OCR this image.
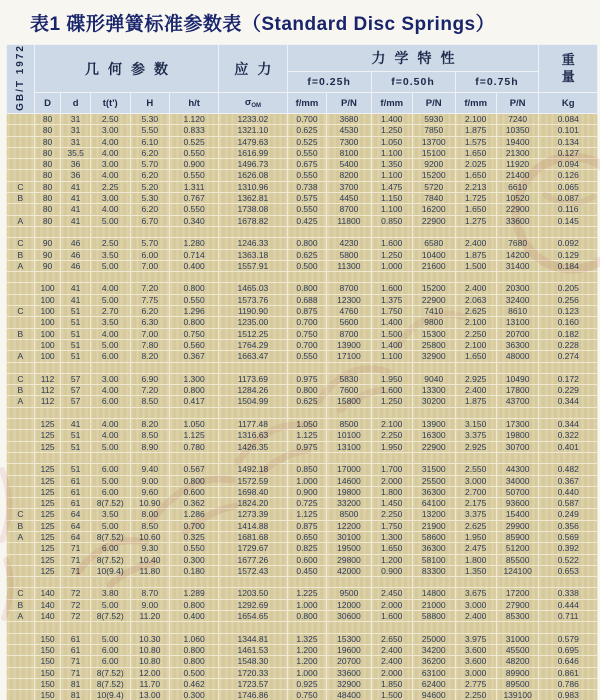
表1 碟形弹簧标准参数表（Standard Disc Springs）
GB/T 1972	几何参数					应力	力学特性						重量
							f=0.25h		f=0.50h		f=0.75h		
	D	d	t(t')	H	h/t	$\sigma_{OM}$	f/mm	P/N	f/mm	P/N	f/mm	P/N	Kg
	80	31	2.50	5.30	1.120	1233.02	0.700	3680	1.400	5930	2.100	7240	0.084
	80	31	3.00	5.50	0.833	1321.10	0.625	4530	1.250	7850	1.875	10350	0.101
	80	31	4.00	6.10	0.525	1479.63	0.525	7300	1.050	13700	1.575	19400	0.134
	80	35.5	4.00	6.20	0.550	1616.99	0.550	8100	1.100	15100	1.650	21300	0.127
	80	36	3.00	5.70	0.900	1496.73	0.675	5400	1.350	9200	2.025	11920	0.094
	80	36	4.00	6.20	0.550	1626.08	0.550	8200	1.100	15200	1.650	21400	0.126
C	80	41	2.25	5.20	1.311	1310.96	0.738	3700	1.475	5720	2.213	6610	0.065
B	80	41	3.00	5.30	0.767	1362.81	0.575	4450	1.150	7840	1.725	10520	0.087
	80	41	4.00	6.20	0.550	1738.08	0.550	8700	1.100	16200	1.650	22900	0.116
A	80	41	5.00	6.70	0.340	1678.82	0.425	11800	0.850	22900	1.275	33600	0.145

C	90	46	2.50	5.70	1.280	1246.33	0.800	4230	1.600	6580	2.400	7680	0.092
B	90	46	3.50	6.00	0.714	1363.18	0.625	5800	1.250	10400	1.875	14200	0.129
A	90	46	5.00	7.00	0.400	1557.91	0.500	11300	1.000	21600	1.500	31400	0.184

	100	41	4.00	7.20	0.800	1465.03	0.800	8700	1.600	15200	2.400	20300	0.205
	100	41	5.00	7.75	0.550	1573.76	0.688	12300	1.375	22900	2.063	32400	0.256
C	100	51	2.70	6.20	1.296	1190.90	0.875	4760	1.750	7410	2.625	8610	0.123
	100	51	3.50	6.30	0.800	1235.00	0.700	5600	1.400	9800	2.100	13100	0.160
B	100	51	4.00	7.00	0.750	1512.25	0.750	8700	1.500	15300	2.250	20700	0.182
	100	51	5.00	7.80	0.560	1764.29	0.700	13900	1.400	25800	2.100	36300	0.228
A	100	51	6.00	8.20	0.367	1663.47	0.550	17100	1.100	32900	1.650	48000	0.274

C	112	57	3.00	6.90	1.300	1173.69	0.975	5830	1.950	9040	2.925	10490	0.172
B	112	57	4.00	7.20	0.800	1284.26	0.800	7600	1.600	13300	2.400	17800	0.229
A	112	57	6.00	8.50	0.417	1504.99	0.625	15800	1.250	30200	1.875	43700	0.344

	125	41	4.00	8.20	1.050	1177.48	1.050	8500	2.100	13900	3.150	17300	0.344
	125	51	4.00	8.50	1.125	1316.63	1.125	10100	2.250	16300	3.375	19800	0.322
	125	51	5.00	8.90	0.780	1426.35	0.975	13100	1.950	22900	2.925	30700	0.401

	125	51	6.00	9.40	0.567	1492.18	0.850	17000	1.700	31500	2.550	44300	0.482
	125	61	5.00	9.00	0.800	1572.59	1.000	14600	2.000	25500	3.000	34000	0.367
	125	61	6.00	9.60	0.600	1698.40	0.900	19800	1.800	36300	2.700	50700	0.440
	125	61	8(7.52)	10.90	0.362	1824.20	0.725	33200	1.450	64100	2.175	93600	0.587
C	125	64	3.50	8.00	1.286	1273.39	1.125	8500	2.250	13200	3.375	15400	0.249
B	125	64	5.00	8.50	0.700	1414.88	0.875	12200	1.750	21900	2.625	29900	0.356
A	125	64	8(7.52)	10.60	0.325	1681.68	0.650	30100	1.300	58600	1.950	85900	0.569
	125	71	6.00	9.30	0.550	1729.67	0.825	19500	1.650	36300	2.475	51200	0.392
	125	71	8(7.52)	10.40	0.300	1677.26	0.600	29800	1.200	58100	1.800	85500	0.522
	125	71	10(9.4)	11.80	0.180	1572.43	0.450	42000	0.900	83300	1.350	124100	0.653

C	140	72	3.80	8.70	1.289	1203.50	1.225	9500	2.450	14800	3.675	17200	0.338
B	140	72	5.00	9.00	0.800	1292.69	1.000	12000	2.000	21000	3.000	27900	0.444
A	140	72	8(7.52)	11.20	0.400	1654.65	0.800	30600	1.600	58800	2.400	85300	0.711

	150	61	5.00	10.30	1.060	1344.81	1.325	15300	2.650	25000	3.975	31000	0.579
	150	61	6.00	10.80	0.800	1461.53	1.200	19600	2.400	34200	3.600	45500	0.695
	150	71	6.00	10.80	0.800	1548.30	1.200	20700	2.400	36200	3.600	48200	0.646
	150	71	8(7.52)	12.00	0.500	1720.33	1.000	33600	2.000	63100	3.000	89900	0.861
	150	81	8(7.52)	11.70	0.462	1723.57	0.925	32900	1.850	62400	2.775	89500	0.786
	150	81	10(9.4)	13.00	0.300	1746.86	0.750	48400	1.500	94600	2.250	139100	0.983
